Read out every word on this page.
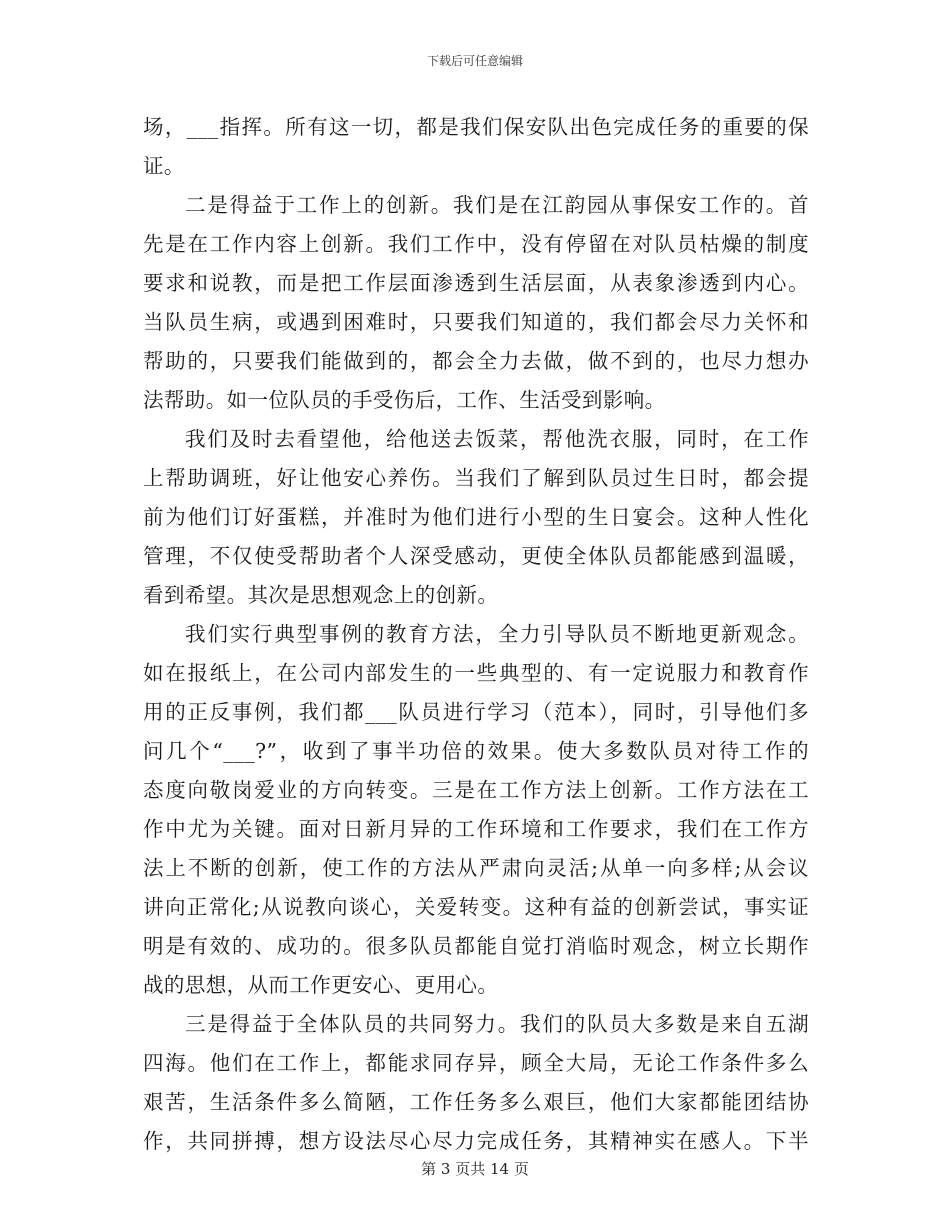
下载后可任意编辑
场，___指挥。所有这一切，都是我们保安队出色完成任务的重要的保
证。
二是得益于工作上的创新。我们是在江韵园从事保安工作的。首
先是在工作内容上创新。我们工作中，没有停留在对队员枯燥的制度
要求和说教，而是把工作层面渗透到生活层面，从表象渗透到内心。
当队员生病，或遇到困难时，只要我们知道的，我们都会尽力关怀和
帮助的，只要我们能做到的，都会全力去做，做不到的，也尽力想办
法帮助。如一位队员的手受伤后，工作、生活受到影响。
我们及时去看望他，给他送去饭菜，帮他洗衣服，同时，在工作
上帮助调班，好让他安心养伤。当我们了解到队员过生日时，都会提
前为他们订好蛋糕，并准时为他们进行小型的生日宴会。这种人性化
管理，不仅使受帮助者个人深受感动，更使全体队员都能感到温暖，
看到希望。其次是思想观念上的创新。
我们实行典型事例的教育方法，全力引导队员不断地更新观念。
如在报纸上，在公司内部发生的一些典型的、有一定说服力和教育作
用的正反事例，我们都___队员进行学习（范本），同时，引导他们多
问几个“___?”，收到了事半功倍的效果。使大多数队员对待工作的
态度向敬岗爱业的方向转变。三是在工作方法上创新。工作方法在工
作中尤为关键。面对日新月异的工作环境和工作要求，我们在工作方
法上不断的创新，使工作的方法从严肃向灵活;从单一向多样;从会议
讲向正常化;从说教向谈心，关爱转变。这种有益的创新尝试，事实证
明是有效的、成功的。很多队员都能自觉打消临时观念，树立长期作
战的思想，从而工作更安心、更用心。
三是得益于全体队员的共同努力。我们的队员大多数是来自五湖
四海。他们在工作上，都能求同存异，顾全大局，无论工作条件多么
艰苦，生活条件多么简陋，工作任务多么艰巨，他们大家都能团结协
作，共同拼搏，想方设法尽心尽力完成任务，其精神实在感人。下半
第 3 页共 14 页
